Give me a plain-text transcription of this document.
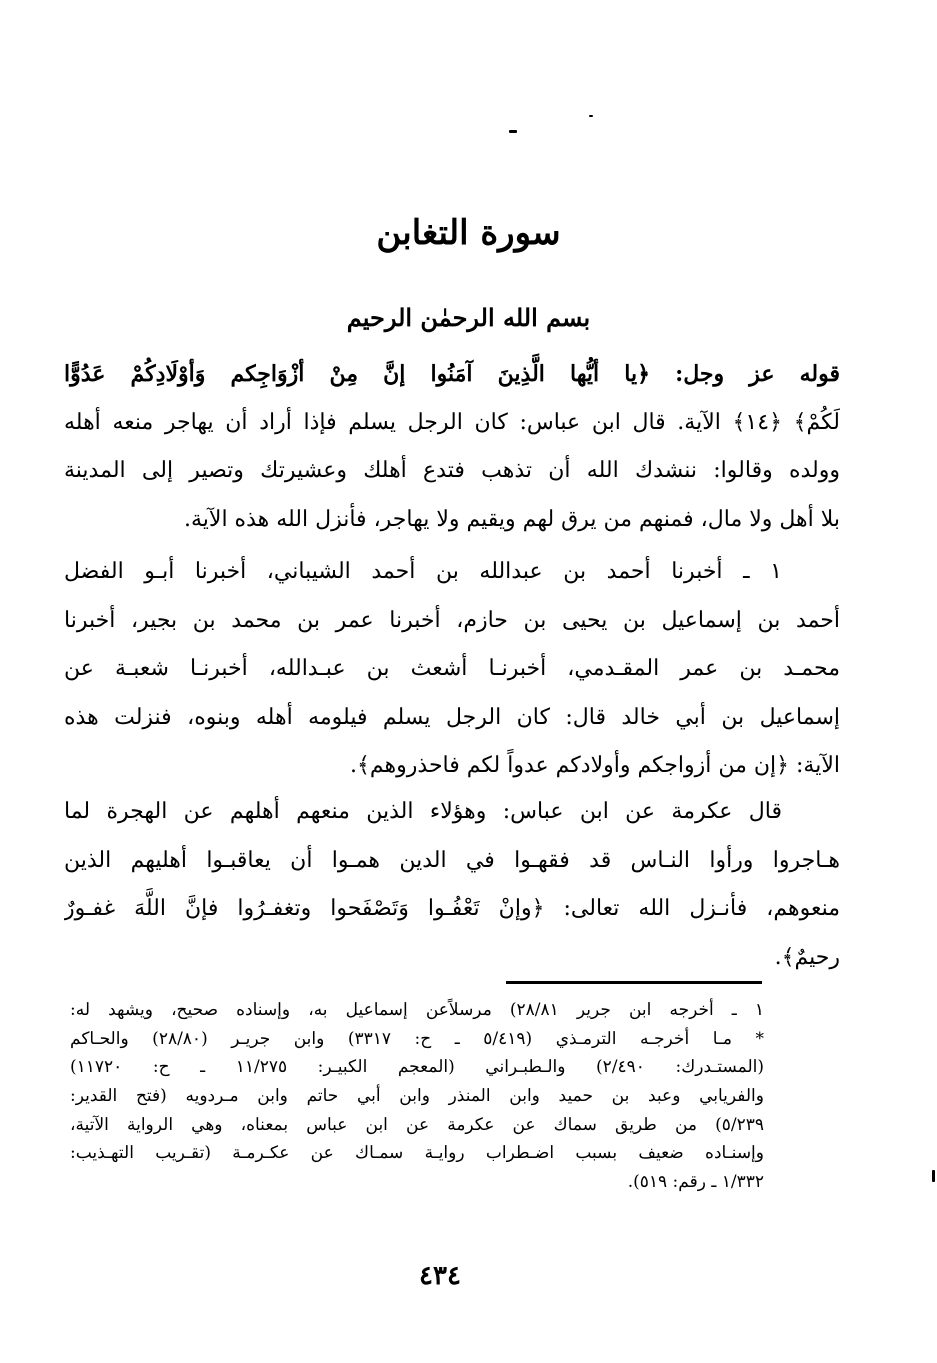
سورة التغابن
بسم الله الرحمٰن الرحيم
قوله عز وجل: ﴿يا أيُّها الَّذِينَ آمَنُوا إنَّ مِنْ أزْوَاجِكم وَأوْلَادِكُمْ عَدُوًّا
لَكُمْ﴾ ﴿١٤﴾ الآية. قال ابن عباس: كان الرجل يسلم فإذا أراد أن يهاجر منعه أهله
وولده وقالوا: ننشدك الله أن تذهب فتدع أهلك وعشيرتك وتصير إلى المدينة
بلا أهل ولا مال، فمنهم من يرق لهم ويقيم ولا يهاجر، فأنزل الله هذه الآية.
١ ـ أخبرنا أحمد بن عبدالله بن أحمد الشيباني، أخبرنا أبـو الفضل
أحمد بن إسماعيل بن يحيى بن حازم، أخبرنا عمر بن محمد بن بجير، أخبرنا
محمـد بن عمر المقـدمي، أخبرنـا أشعث بن عبـدالله، أخبرنـا شعبـة عن
إسماعيل بن أبي خالد قال: كان الرجل يسلم فيلومه أهله وبنوه، فنزلت هذه
الآية: ﴿إن من أزواجكم وأولادكم عدواً لكم فاحذروهم﴾.
قال عكرمة عن ابن عباس: وهؤلاء الذين منعهم أهلهم عن الهجرة لما
هـاجروا ورأوا النـاس قد فقهـوا في الدين همـوا أن يعاقبـوا أهليهم الذين
منعوهم، فأنـزل الله تعالى: ﴿وإنْ تَعْفُـوا وَتَصْفَحوا وتغفـرُوا فإنَّ اللَّهَ غفـورٌ
رحيمٌ﴾.
١ ـ أخرجه ابن جرير ٢٨/٨١) مرسلاًعن إسماعيل به، وإسناده صحيح، ويشهد له:
* مـا أخرجـه الترمـذي (٥/٤١٩ ـ ح: ٣٣١٧) وابن جريـر (٢٨/٨٠) والحـاكم
(المستـدرك: ٢/٤٩٠) والـطبـراني (المعجم الكبيـر: ١١/٢٧٥ ـ ح: ١١٧٢٠)
والفريابي وعبد بن حميد وابن المنذر وابن أبي حاتم وابن مـردويه (فتح القدير:
٥/٢٣٩) من طريق سماك عن عكرمة عن ابن عباس بمعناه، وهي الرواية الآتية،
وإسنـاده ضعيف بسبب اضـطراب روايـة سمـاك عن عكـرمـة (تقـريب التهـذيب:
١/٣٣٢ ـ رقم: ٥١٩).
٤٣٤
